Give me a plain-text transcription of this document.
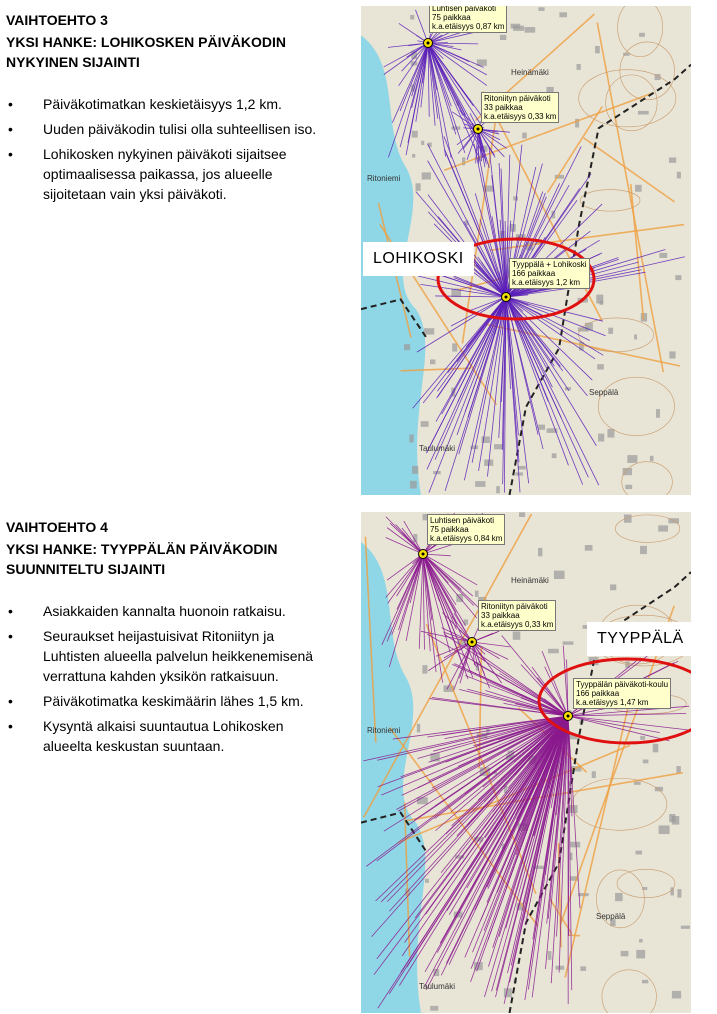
VAIHTOEHTO 3

YKSI HANKE: LOHIKOSKEN PÄIVÄKODIN

NYKYINEN SIJAINTI

• Päiväkotimatkan keskietäisyys 1,2 km.
• Uuden päiväkodin tulisi olla suhteellisen iso.
• Lohikosken nykyinen päiväkoti sijaitsee optimaalisessa paikassa, jos alueelle sijoitetaan vain yksi päiväkoti.
Luhtisen päiväkoti
75 paikkaa
k.a.etäisyys 0,87 km
Ritoniityn päiväkoti
33 paikkaa
k.a.etäisyys 0,33 km
Tyyppälä + Lohikoski
166 paikkaa
k.a.etäisyys 1,2 km
Heinämäki
Ritoniemi
Seppälä
Taulumäki
LOHIKOSKI

VAIHTOEHTO 4

YKSI HANKE: TYYPPÄLÄN PÄIVÄKODIN

SUUNNITELTU SIJAINTI

• Asiakkaiden kannalta huonoin ratkaisu.
• Seuraukset heijastuisivat Ritoniityn ja Luhtisten alueella palvelun heikkenemisenä verrattuna kahden yksikön ratkaisuun.
• Päiväkotimatka keskimäärin lähes 1,5 km.
• Kysyntä alkaisi suuntautua Lohikosken alueelta keskustan suuntaan.
Luhtisen päiväkoti
75 paikkaa
k.a.etäisyys 0,84 km
Ritoniityn päiväkoti
33 paikkaa
k.a.etäisyys 0,33 km
Tyyppälän päiväkoti-koulu
166 paikkaa
k.a.etäisyys 1,47 km
Heinämäki
Ritoniemi
Seppälä
Taulumäki
TYYPPÄLÄ
